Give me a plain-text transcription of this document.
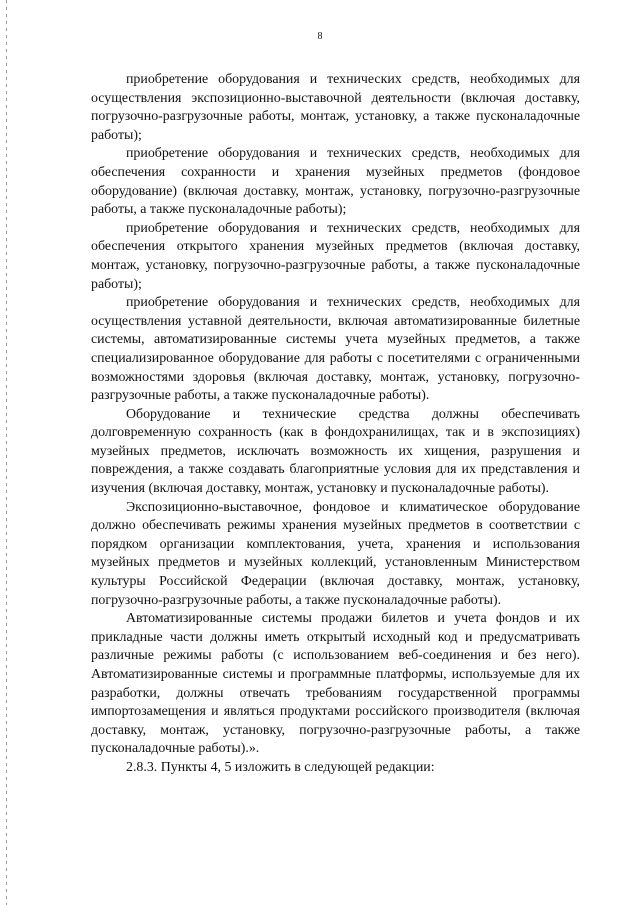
8

приобретение оборудования и технических средств, необходимых для осуществления экспозиционно-выставочной деятельности (включая доставку, погрузочно-разгрузочные работы, монтаж, установку, а также пусконаладочные работы);

приобретение оборудования и технических средств, необходимых для обеспечения сохранности и хранения музейных предметов (фондовое оборудование) (включая доставку, монтаж, установку, погрузочно-разгрузочные работы, а также пусконаладочные работы);

приобретение оборудования и технических средств, необходимых для обеспечения открытого хранения музейных предметов (включая доставку, монтаж, установку, погрузочно-разгрузочные работы, а также пусконаладочные работы);

приобретение оборудования и технических средств, необходимых для осуществления уставной деятельности, включая автоматизированные билетные системы, автоматизированные системы учета музейных предметов, а также специализированное оборудование для работы с посетителями с ограниченными возможностями здоровья (включая доставку, монтаж, установку, погрузочно-разгрузочные работы, а также пусконаладочные работы).

Оборудование и технические средства должны обеспечивать долговременную сохранность (как в фондохранилищах, так и в экспозициях) музейных предметов, исключать возможность их хищения, разрушения и повреждения, а также создавать благоприятные условия для их представления и изучения (включая доставку, монтаж, установку и пусконаладочные работы).

Экспозиционно-выставочное, фондовое и климатическое оборудование должно обеспечивать режимы хранения музейных предметов в соответствии с порядком организации комплектования, учета, хранения и использования музейных предметов и музейных коллекций, установленным Министерством культуры Российской Федерации (включая доставку, монтаж, установку, погрузочно-разгрузочные работы, а также пусконаладочные работы).

Автоматизированные системы продажи билетов и учета фондов и их прикладные части должны иметь открытый исходный код и предусматривать различные режимы работы (с использованием веб-соединения и без него). Автоматизированные системы и программные платформы, используемые для их разработки, должны отвечать требованиям государственной программы импортозамещения и являться продуктами российского производителя (включая доставку, монтаж, установку, погрузочно-разгрузочные работы, а также пусконаладочные работы).».

2.8.3. Пункты 4, 5 изложить в следующей редакции:
